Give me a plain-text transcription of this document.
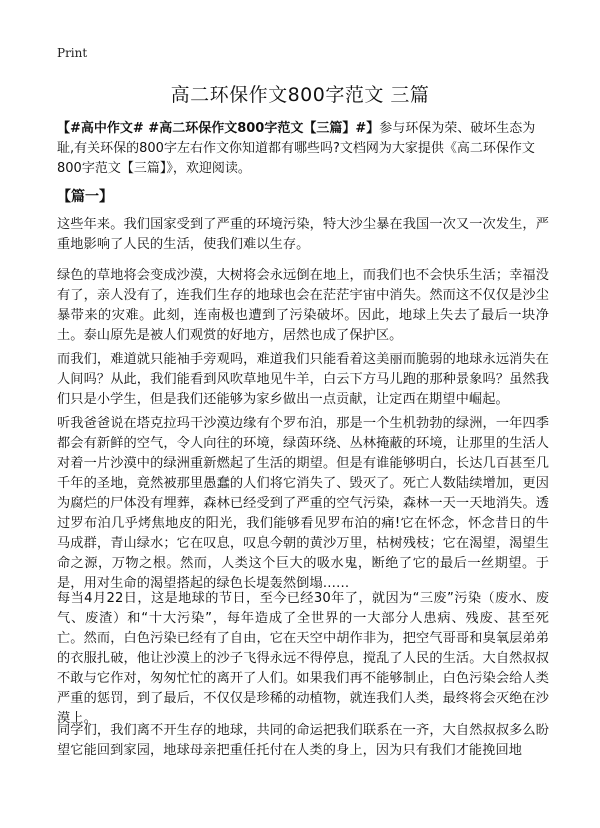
Print
高二环保作文800字范文 三篇
【#高中作文# #高二环保作文800字范文【三篇】#】参与环保为荣、破坏生态为耻,有关环保的800字左右作文你知道都有哪些吗?文档网为大家提供《高二环保作文800字范文【三篇】》，欢迎阅读。
【篇一】
这些年来。我们国家受到了严重的环境污染，特大沙尘暴在我国一次又一次发生，严重地影响了人民的生活，使我们难以生存。
绿色的草地将会变成沙漠，大树将会永远倒在地上，而我们也不会快乐生活；幸福没有了，亲人没有了，连我们生存的地球也会在茫茫宇宙中消失。然而这不仅仅是沙尘暴带来的灾难。此刻，连南极也遭到了污染破坏。因此，地球上失去了最后一块净土。泰山原先是被人们观赏的好地方，居然也成了保护区。
而我们，难道就只能袖手旁观吗，难道我们只能看着这美丽而脆弱的地球永远消失在人间吗？从此，我们能看到风吹草地见牛羊，白云下方马儿跑的那种景象吗？虽然我们只是小学生，但是我们还能够为家乡做出一点贡献，让定西在期望中崛起。
听我爸爸说在塔克拉玛干沙漠边缘有个罗布泊，那是一个生机勃勃的绿洲，一年四季都会有新鲜的空气，令人向往的环境，绿茵环绕、丛林掩蔽的环境，让那里的生活人对着一片沙漠中的绿洲重新燃起了生活的期望。但是有谁能够明白，长达几百甚至几千年的圣地，竟然被那里愚蠢的人们将它消失了、毁灭了。死亡人数陆续增加，更因为腐烂的尸体没有埋葬，森林已经受到了严重的空气污染，森林一天一天地消失。透过罗布泊几乎烤焦地皮的阳光，我们能够看见罗布泊的痛!它在怀念，怀念昔日的牛马成群，青山绿水；它在叹息，叹息今朝的黄沙万里，枯树残枝；它在渴望，渴望生命之源，万物之根。然而，人类这个巨大的吸水鬼，断绝了它的最后一丝期望。于是，用对生命的渴望搭起的绿色长堤轰然倒塌……
每当4月22日，这是地球的节日，至今已经30年了，就因为“三废”污染（废水、废气、废渣）和“十大污染”，每年造成了全世界的一大部分人患病、残废、甚至死亡。然而，白色污染已经有了自由，它在天空中胡作非为，把空气哥哥和臭氧层弟弟的衣服扎破，他让沙漠上的沙子飞得永远不得停息，搅乱了人民的生活。大自然叔叔不敢与它作对，匆匆忙忙的离开了人们。如果我们再不能够制止，白色污染会给人类严重的惩罚，到了最后，不仅仅是珍稀的动植物，就连我们人类，最终将会灭绝在沙漠上。
同学们，我们离不开生存的地球，共同的命运把我们联系在一齐，大自然叔叔多么盼望它能回到家园，地球母亲把重任托付在人类的身上，因为只有我们才能挽回地
